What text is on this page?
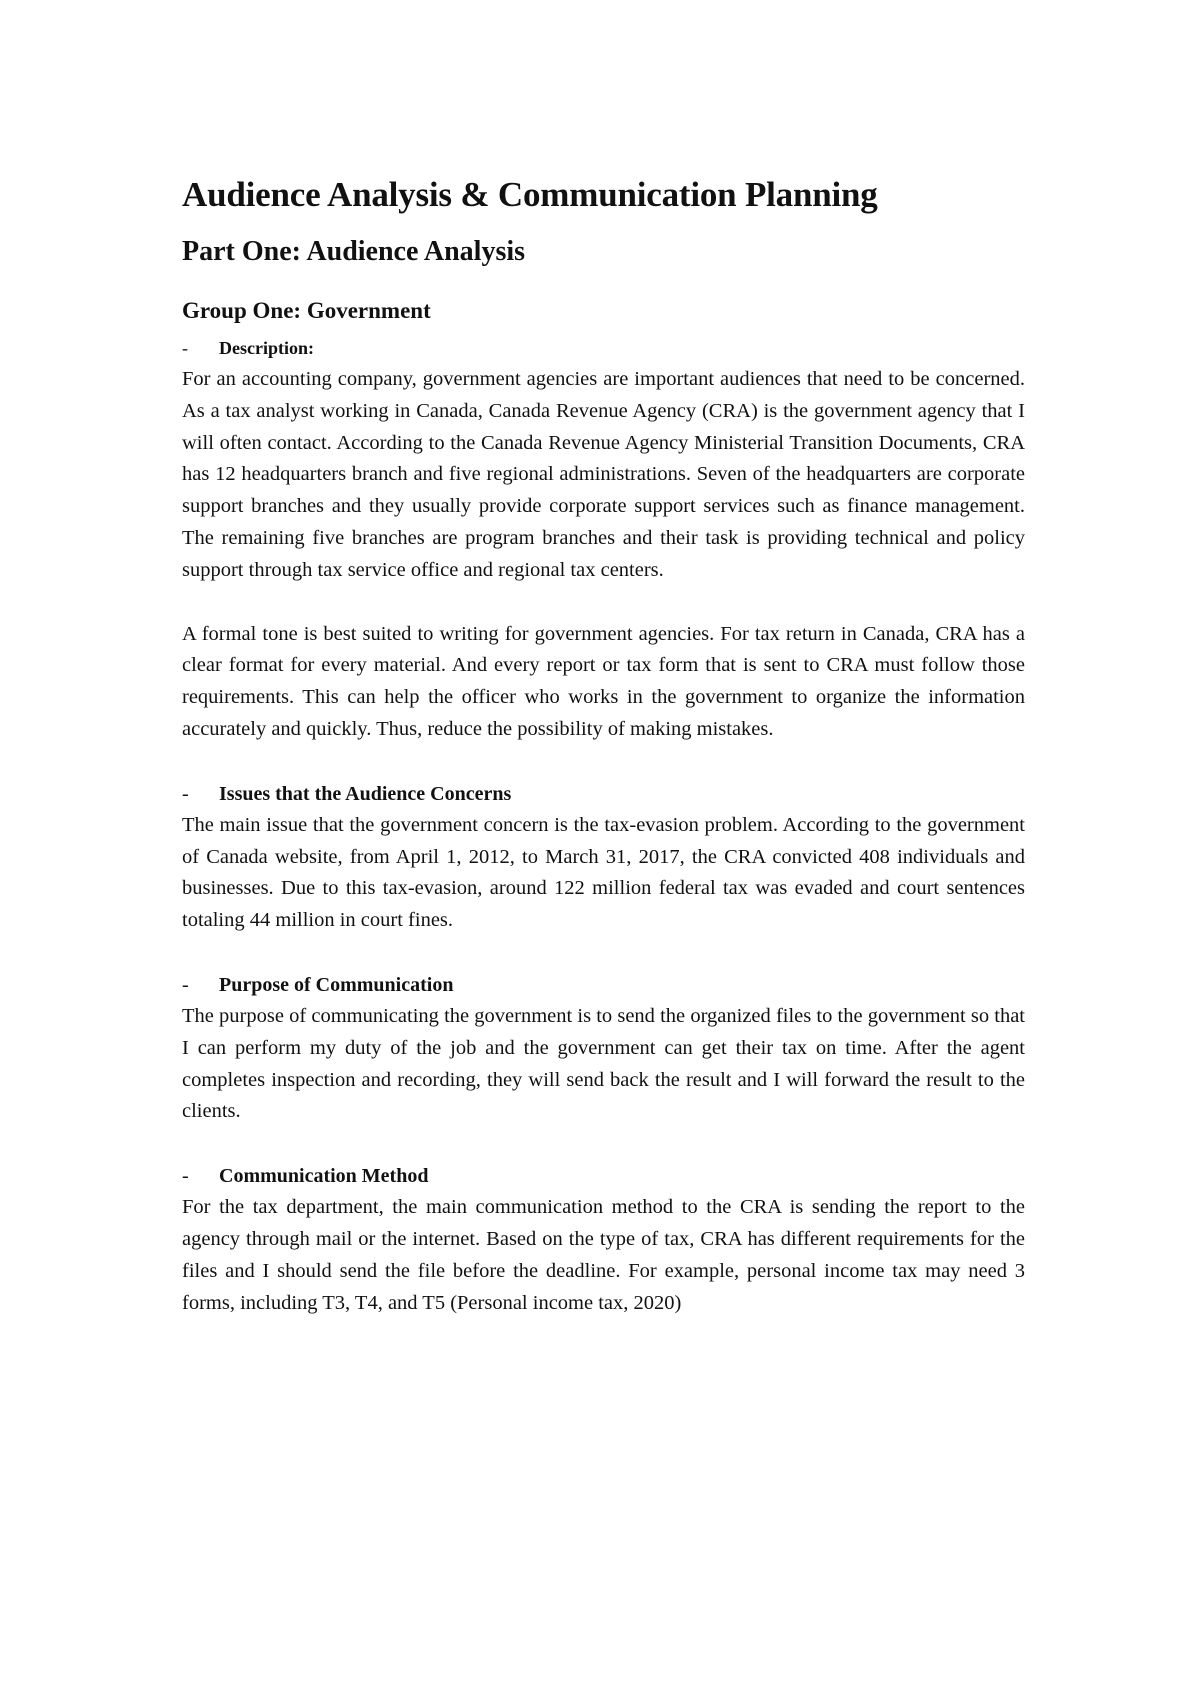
Audience Analysis & Communication Planning
Part One: Audience Analysis
Group One: Government
-	Description:

For an accounting company, government agencies are important audiences that need to be concerned. As a tax analyst working in Canada, Canada Revenue Agency (CRA) is the government agency that I will often contact. According to the Canada Revenue Agency Ministerial Transition Documents, CRA has 12 headquarters branch and five regional administrations. Seven of the headquarters are corporate support branches and they usually provide corporate support services such as finance management. The remaining five branches are program branches and their task is providing technical and policy support through tax service office and regional tax centers.

A formal tone is best suited to writing for government agencies. For tax return in Canada, CRA has a clear format for every material. And every report or tax form that is sent to CRA must follow those requirements. This can help the officer who works in the government to organize the information accurately and quickly. Thus, reduce the possibility of making mistakes.

-	Issues that the Audience Concerns

The main issue that the government concern is the tax-evasion problem. According to the government of Canada website, from April 1, 2012, to March 31, 2017, the CRA convicted 408 individuals and businesses. Due to this tax-evasion, around 122 million federal tax was evaded and court sentences totaling 44 million in court fines.

-	Purpose of Communication

The purpose of communicating the government is to send the organized files to the government so that I can perform my duty of the job and the government can get their tax on time. After the agent completes inspection and recording, they will send back the result and I will forward the result to the clients.

-	Communication Method

For the tax department, the main communication method to the CRA is sending the report to the agency through mail or the internet. Based on the type of tax, CRA has different requirements for the files and I should send the file before the deadline. For example, personal income tax may need 3 forms, including T3, T4, and T5 (Personal income tax, 2020)
